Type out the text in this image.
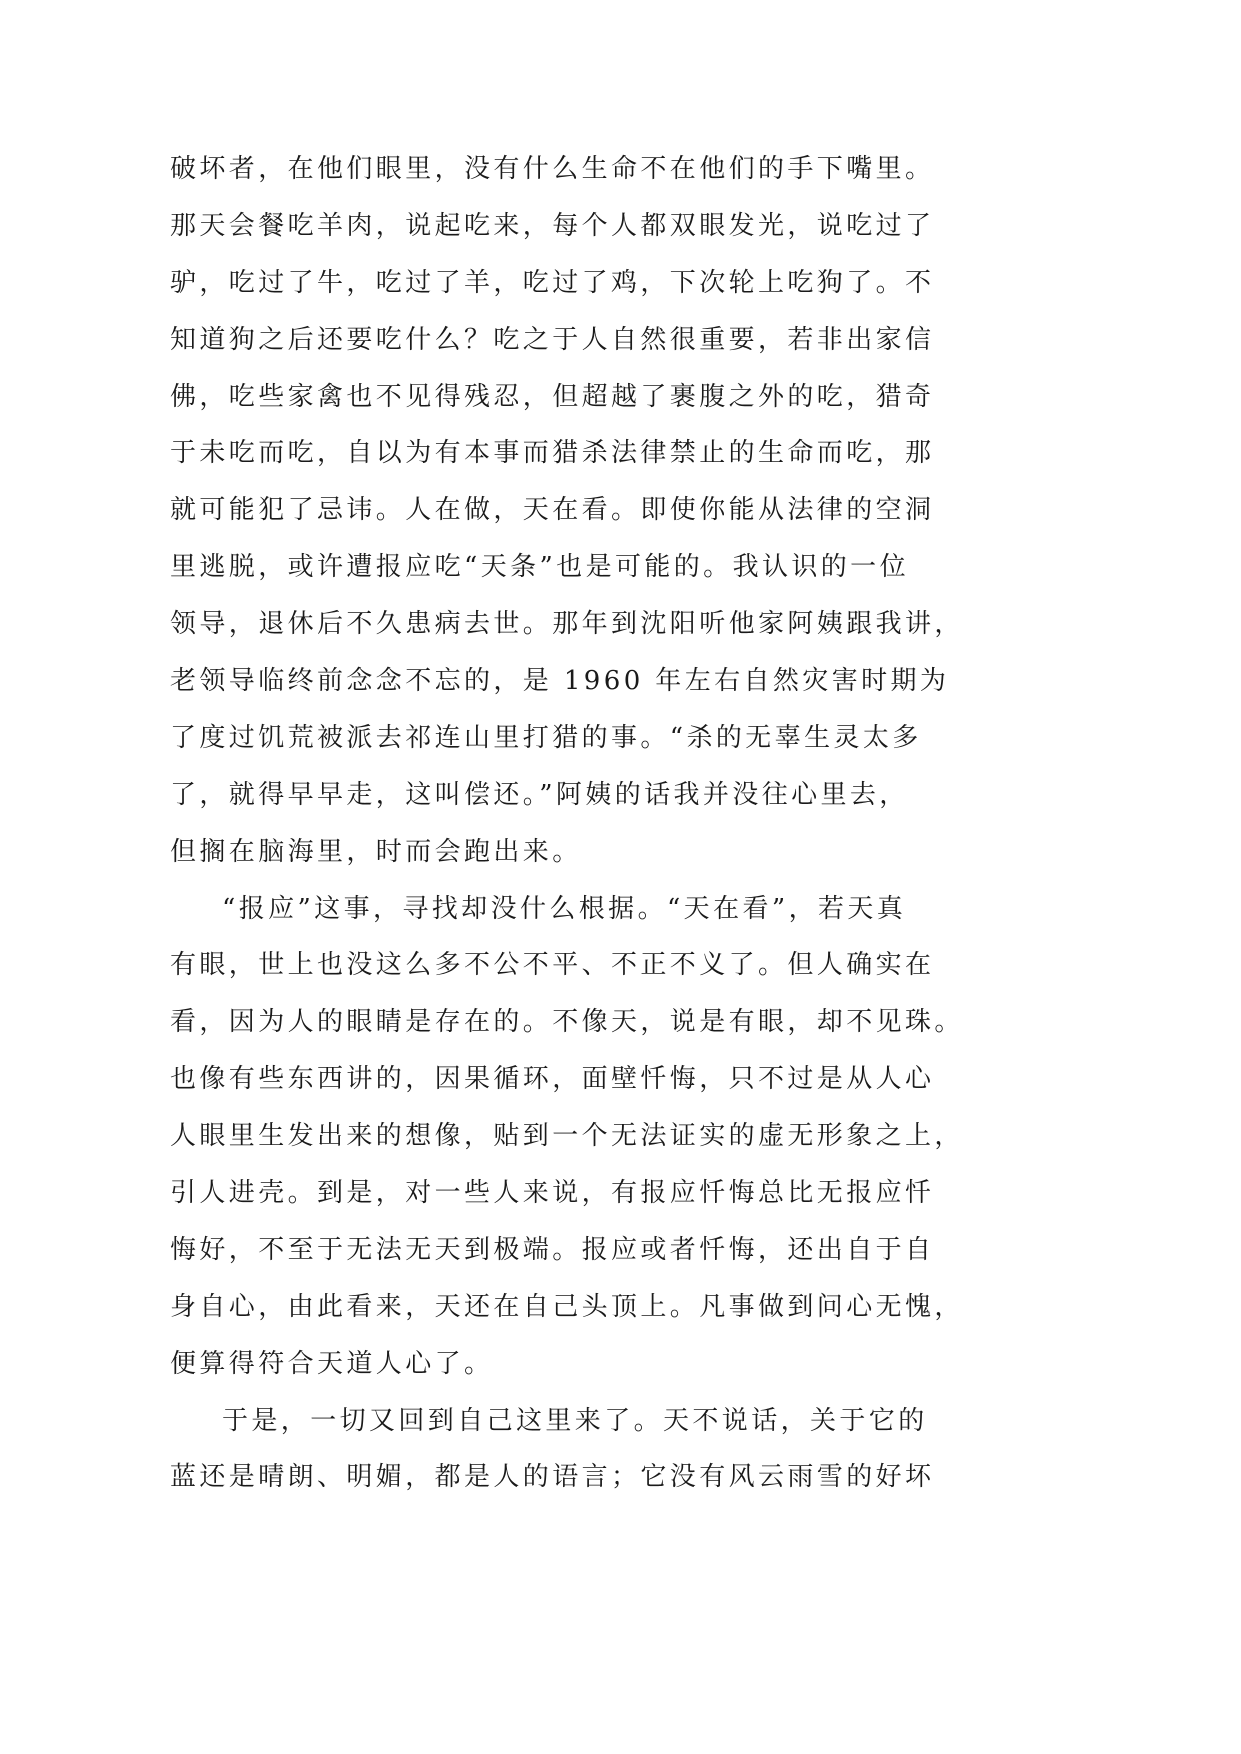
破坏者，在他们眼里，没有什么生命不在他们的手下嘴里。
那天会餐吃羊肉，说起吃来，每个人都双眼发光，说吃过了
驴，吃过了牛，吃过了羊，吃过了鸡，下次轮上吃狗了。不
知道狗之后还要吃什么？吃之于人自然很重要，若非出家信
佛，吃些家禽也不见得残忍，但超越了裹腹之外的吃，猎奇
于未吃而吃，自以为有本事而猎杀法律禁止的生命而吃，那
就可能犯了忌讳。人在做，天在看。即使你能从法律的空洞
里逃脱，或许遭报应吃“天条”也是可能的。我认识的一位
领导，退休后不久患病去世。那年到沈阳听他家阿姨跟我讲，
老领导临终前念念不忘的，是 1960 年左右自然灾害时期为
了度过饥荒被派去祁连山里打猎的事。“杀的无辜生灵太多
了，就得早早走，这叫偿还。”阿姨的话我并没往心里去，
但搁在脑海里，时而会跑出来。
“报应”这事，寻找却没什么根据。“天在看”，若天真
有眼，世上也没这么多不公不平、不正不义了。但人确实在
看，因为人的眼睛是存在的。不像天，说是有眼，却不见珠。
也像有些东西讲的，因果循环，面壁忏悔，只不过是从人心
人眼里生发出来的想像，贴到一个无法证实的虚无形象之上，
引人进壳。到是，对一些人来说，有报应忏悔总比无报应忏
悔好，不至于无法无天到极端。报应或者忏悔，还出自于自
身自心，由此看来，天还在自己头顶上。凡事做到问心无愧，
便算得符合天道人心了。
于是，一切又回到自己这里来了。天不说话，关于它的
蓝还是晴朗、明媚，都是人的语言；它没有风云雨雪的好坏
